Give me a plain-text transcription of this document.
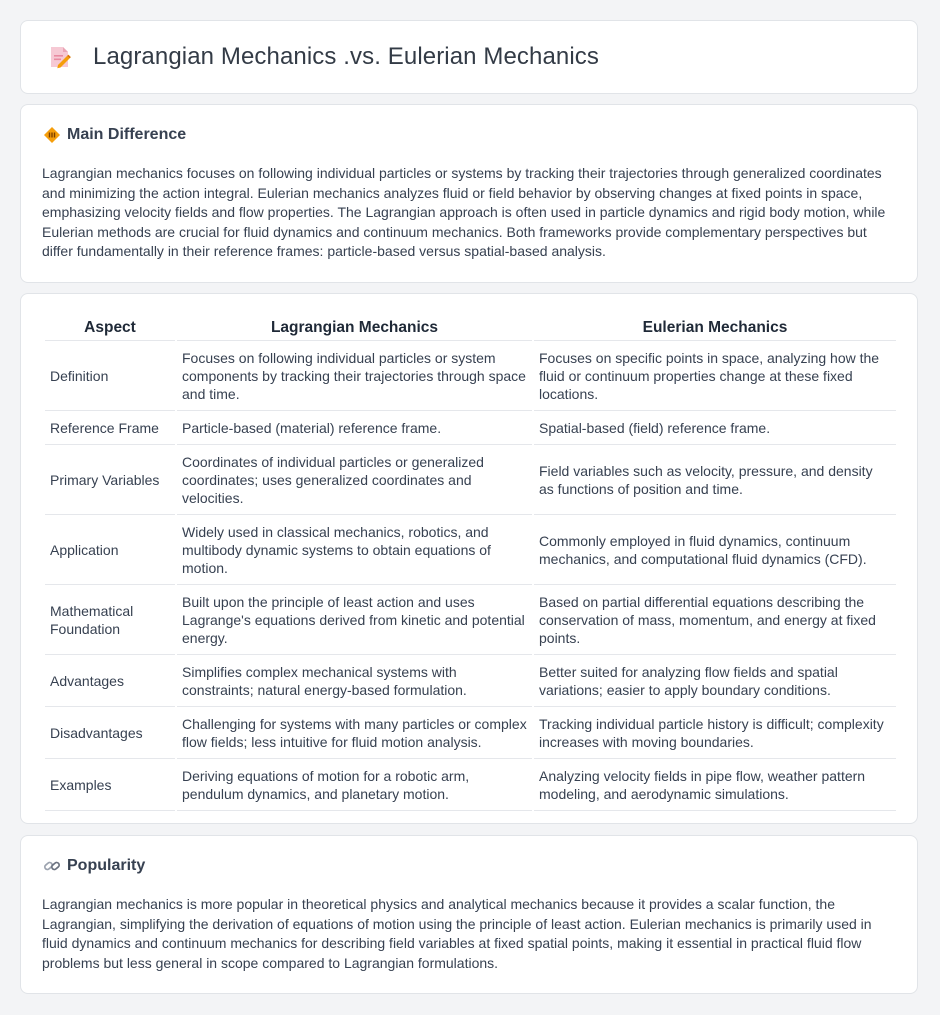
Lagrangian Mechanics .vs. Eulerian Mechanics
Main Difference

Lagrangian mechanics focuses on following individual particles or systems by tracking their trajectories through generalized coordinates and minimizing the action integral. Eulerian mechanics analyzes fluid or field behavior by observing changes at fixed points in space, emphasizing velocity fields and flow properties. The Lagrangian approach is often used in particle dynamics and rigid body motion, while Eulerian methods are crucial for fluid dynamics and continuum mechanics. Both frameworks provide complementary perspectives but differ fundamentally in their reference frames: particle-based versus spatial-based analysis.

Aspect	Lagrangian Mechanics	Eulerian Mechanics
Definition	Focuses on following individual particles or system components by tracking their trajectories through space and time.	Focuses on specific points in space, analyzing how the fluid or continuum properties change at these fixed locations.
Reference Frame	Particle-based (material) reference frame.	Spatial-based (field) reference frame.
Primary Variables	Coordinates of individual particles or generalized coordinates; uses generalized coordinates and velocities.	Field variables such as velocity, pressure, and density as functions of position and time.
Application	Widely used in classical mechanics, robotics, and multibody dynamic systems to obtain equations of motion.	Commonly employed in fluid dynamics, continuum mechanics, and computational fluid dynamics (CFD).
Mathematical Foundation	Built upon the principle of least action and uses Lagrange's equations derived from kinetic and potential energy.	Based on partial differential equations describing the conservation of mass, momentum, and energy at fixed points.
Advantages	Simplifies complex mechanical systems with constraints; natural energy-based formulation.	Better suited for analyzing flow fields and spatial variations; easier to apply boundary conditions.
Disadvantages	Challenging for systems with many particles or complex flow fields; less intuitive for fluid motion analysis.	Tracking individual particle history is difficult; complexity increases with moving boundaries.
Examples	Deriving equations of motion for a robotic arm, pendulum dynamics, and planetary motion.	Analyzing velocity fields in pipe flow, weather pattern modeling, and aerodynamic simulations.
Popularity

Lagrangian mechanics is more popular in theoretical physics and analytical mechanics because it provides a scalar function, the Lagrangian, simplifying the derivation of equations of motion using the principle of least action. Eulerian mechanics is primarily used in fluid dynamics and continuum mechanics for describing field variables at fixed spatial points, making it essential in practical fluid flow problems but less general in scope compared to Lagrangian formulations.
